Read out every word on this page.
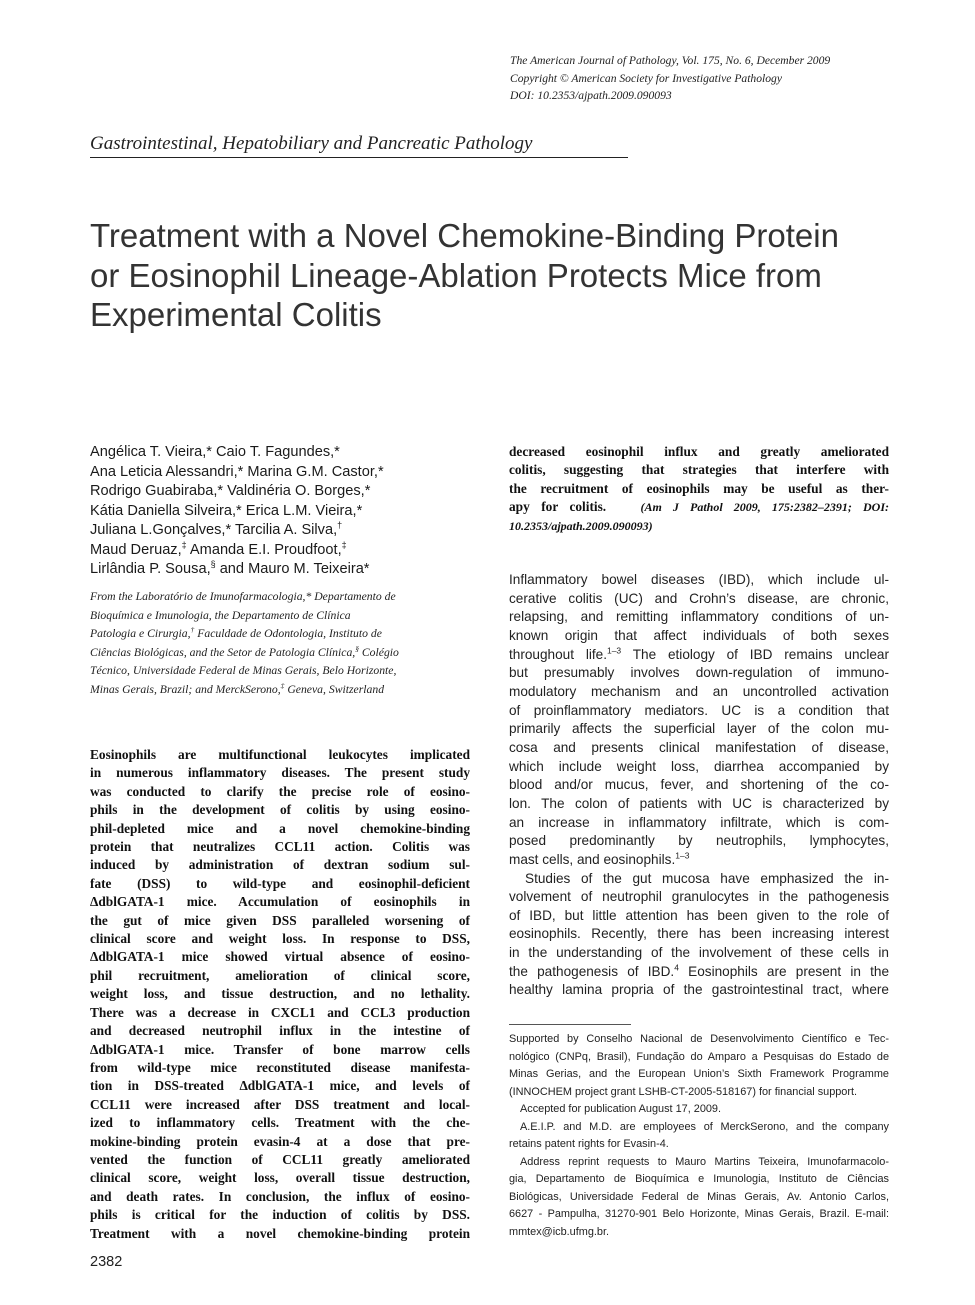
The American Journal of Pathology, Vol. 175, No. 6, December 2009
Copyright © American Society for Investigative Pathology
DOI: 10.2353/ajpath.2009.090093
Gastrointestinal, Hepatobiliary and Pancreatic Pathology
Treatment with a Novel Chemokine-Binding Protein
or Eosinophil Lineage-Ablation Protects Mice from
Experimental Colitis
Angélica T. Vieira,* Caio T. Fagundes,*
Ana Leticia Alessandri,* Marina G.M. Castor,*
Rodrigo Guabiraba,* Valdinéria O. Borges,*
Kátia Daniella Silveira,* Erica L.M. Vieira,*
Juliana L.Gonçalves,* Tarcilia A. Silva,†
Maud Deruaz,‡ Amanda E.I. Proudfoot,‡
Lirlândia P. Sousa,§ and Mauro M. Teixeira*
From the Laboratório de Imunofarmacologia,* Departamento de
Bioquímica e Imunologia, the Departamento de Clínica
Patologia e Cirurgia,† Faculdade de Odontologia, Instituto de
Ciências Biológicas, and the Setor de Patologia Clínica,§ Colégio
Técnico, Universidade Federal de Minas Gerais, Belo Horizonte,
Minas Gerais, Brazil; and MerckSerono,‡ Geneva, Switzerland
Eosinophils are multifunctional leukocytes implicated
in numerous inflammatory diseases. The present study
was conducted to clarify the precise role of eosino-
phils in the development of colitis by using eosino-
phil-depleted mice and a novel chemokine-binding
protein that neutralizes CCL11 action. Colitis was
induced by administration of dextran sodium sul-
fate (DSS) to wild-type and eosinophil-deficient
ΔdblGATA-1 mice. Accumulation of eosinophils in
the gut of mice given DSS paralleled worsening of
clinical score and weight loss. In response to DSS,
ΔdblGATA-1 mice showed virtual absence of eosino-
phil recruitment, amelioration of clinical score,
weight loss, and tissue destruction, and no lethality.
There was a decrease in CXCL1 and CCL3 production
and decreased neutrophil influx in the intestine of
ΔdblGATA-1 mice. Transfer of bone marrow cells
from wild-type mice reconstituted disease manifesta-
tion in DSS-treated ΔdblGATA-1 mice, and levels of
CCL11 were increased after DSS treatment and local-
ized to inflammatory cells. Treatment with the che-
mokine-binding protein evasin-4 at a dose that pre-
vented the function of CCL11 greatly ameliorated
clinical score, weight loss, overall tissue destruction,
and death rates. In conclusion, the influx of eosino-
phils is critical for the induction of colitis by DSS.
Treatment with a novel chemokine-binding protein
decreased eosinophil influx and greatly ameliorated
colitis, suggesting that strategies that interfere with
the recruitment of eosinophils may be useful as ther-
apy for colitis.	(Am J Pathol 2009, 175:2382–2391; DOI:
10.2353/ajpath.2009.090093)
Inflammatory bowel diseases (IBD), which include ul-
cerative colitis (UC) and Crohn’s disease, are chronic,
relapsing, and remitting inflammatory conditions of un-
known origin that affect individuals of both sexes
throughout life.$^{1-3}$ The etiology of IBD remains unclear
but presumably involves down-regulation of immuno-
modulatory mechanism and an uncontrolled activation
of proinflammatory mediators. UC is a condition that
primarily affects the superficial layer of the colon mu-
cosa and presents clinical manifestation of disease,
which include weight loss, diarrhea accompanied by
blood and/or mucus, fever, and shortening of the co-
lon. The colon of patients with UC is characterized by
an increase in inflammatory infiltrate, which is com-
posed predominantly by neutrophils, lymphocytes,
mast cells, and eosinophils.$^{1-3}$
Studies of the gut mucosa have emphasized the in-
volvement of neutrophil granulocytes in the pathogenesis
of IBD, but little attention has been given to the role of
eosinophils. Recently, there has been increasing interest
in the understanding of the involvement of these cells in
the pathogenesis of IBD.$^4$ Eosinophils are present in the
healthy lamina propria of the gastrointestinal tract, where
Supported by Conselho Nacional de Desenvolvimento Científico e Tec-
nológico (CNPq, Brasil), Fundação do Amparo a Pesquisas do Estado de
Minas Gerias, and the European Union’s Sixth Framework Programme
(INNOCHEM project grant LSHB-CT-2005-518167) for financial support.
Accepted for publication August 17, 2009.
A.E.I.P. and M.D. are employees of MerckSerono, and the company
retains patent rights for Evasin-4.
Address reprint requests to Mauro Martins Teixeira, Imunofarmacolo-
gia, Departamento de Bioquímica e Imunologia, Instituto de Ciências
Biológicas, Universidade Federal de Minas Gerais, Av. Antonio Carlos,
6627 - Pampulha, 31270-901 Belo Horizonte, Minas Gerais, Brazil. E-mail:
mmtex@icb.ufmg.br.
2382
